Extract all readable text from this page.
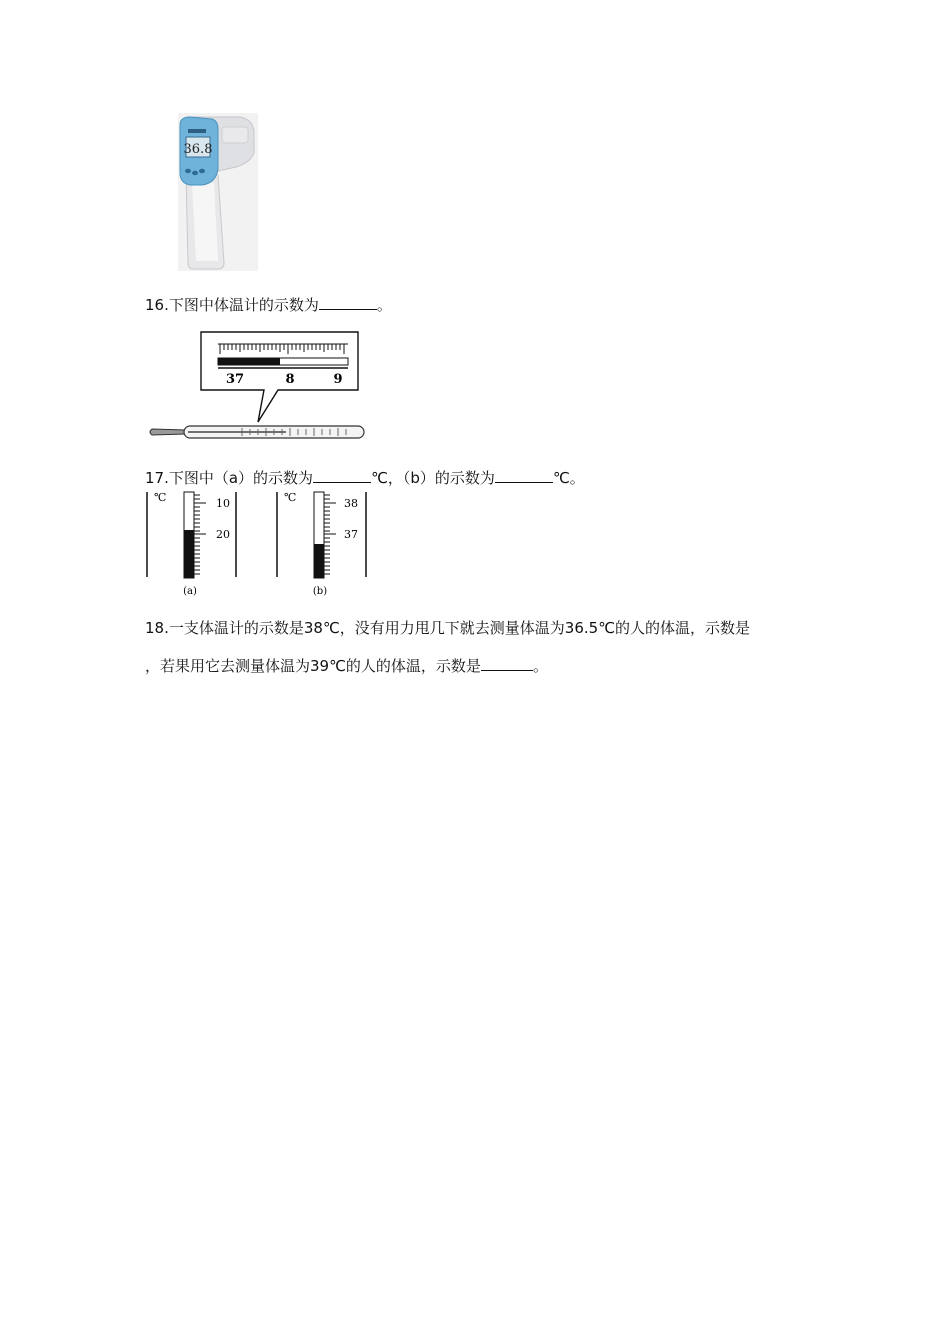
36.8
16.下图中体温计的示数为	。
37	8	9
17.下图中（a）的示数为	℃，（b）的示数为	℃。
℃	10
20
(a)
℃	38
37
(b)
18.一支体温计的示数是38℃，没有用力甩几下就去测量体温为36.5℃的人的体温，示数是
，若果用它去测量体温为39℃的人的体温，示数是	。
